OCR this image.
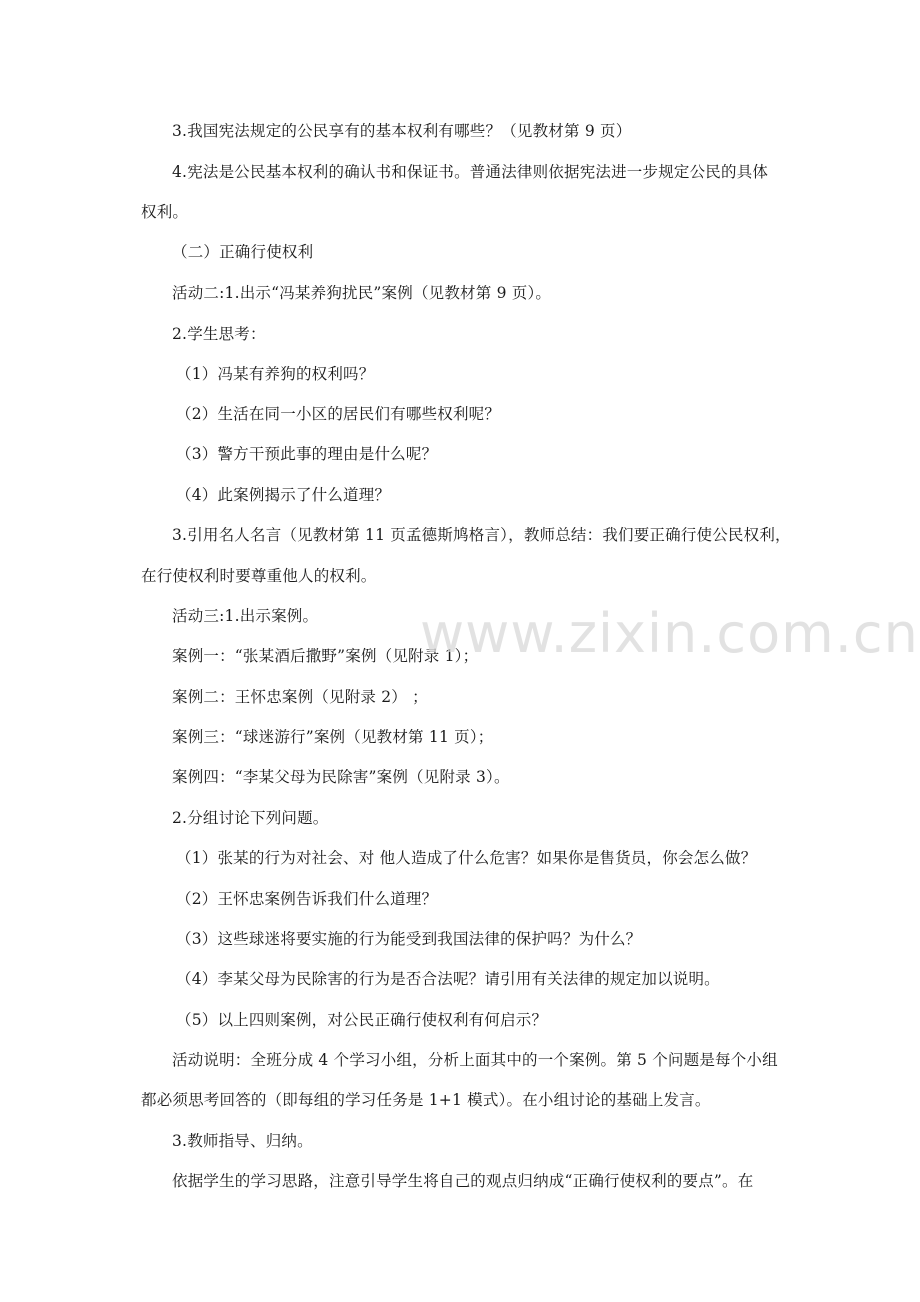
3.我国宪法规定的公民享有的基本权利有哪些？（见教材第 9 页）
4.宪法是公民基本权利的确认书和保证书。普通法律则依据宪法进一步规定公民的具体
权利。
（二）正确行使权利
活动二:1.出示“冯某养狗扰民”案例（见教材第 9 页）。
2.学生思考：
（1）冯某有养狗的权利吗？
（2）生活在同一小区的居民们有哪些权利呢？
（3）警方干预此事的理由是什么呢？
（4）此案例揭示了什么道理？
3.引用名人名言（见教材第 11 页孟德斯鸠格言），教师总结：我们要正确行使公民权利，
在行使权利时要尊重他人的权利。
活动三:1.出示案例。
案例一：“张某酒后撒野”案例（见附录 1）；
案例二：王怀忠案例（见附录 2） ；
案例三：“球迷游行”案例（见教材第 11 页）；
案例四：“李某父母为民除害”案例（见附录 3）。
2.分组讨论下列问题。
（1）张某的行为对社会、对 他人造成了什么危害？如果你是售货员，你会怎么做？
（2）王怀忠案例告诉我们什么道理？
（3）这些球迷将要实施的行为能受到我国法律的保护吗？为什么？
（4）李某父母为民除害的行为是否合法呢？请引用有关法律的规定加以说明。
（5）以上四则案例，对公民正确行使权利有何启示？
活动说明：全班分成 4 个学习小组，分析上面其中的一个案例。第 5 个问题是每个小组
都必须思考回答的（即每组的学习任务是 1+1 模式）。在小组讨论的基础上发言。
3.教师指导、归纳。
依据学生的学习思路，注意引导学生将自己的观点归纳成“正确行使权利的要点”。在
www.zixin.com.cn
